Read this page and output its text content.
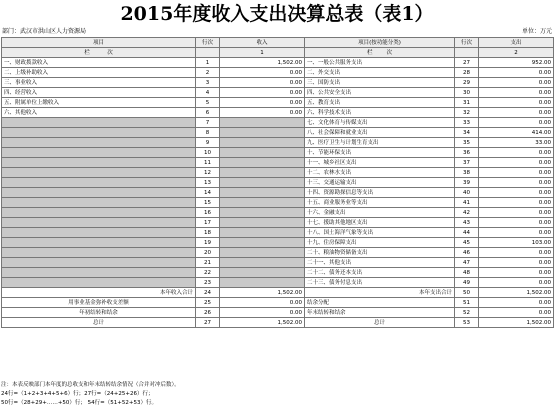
2015年度收入支出决算总表（表1）
部门：武汉市洪山区人力资源局	单位：万元
项目	行次	收入	项目(按功能分类)	行次	支出
栏 次		1	栏 次		2
一、财政拨款收入	1	1,502.00	一、一般公共服务支出	27	952.00
二、上级补助收入	2	0.00	二、外交支出	28	0.00
三、事业收入	3	0.00	三、国防支出	29	0.00
四、经营收入	4	0.00	四、公共安全支出	30	0.00
五、附属单位上缴收入	5	0.00	五、教育支出	31	0.00
六、其他收入	6	0.00	六、科学技术支出	32	0.00
	7		七、文化体育与传媒支出	33	0.00
	8		八、社会保障和就业支出	34	414.00
	9		九、医疗卫生与计划生育支出	35	33.00
	10		十、节能环保支出	36	0.00
	11		十一、城乡社区支出	37	0.00
	12		十二、农林水支出	38	0.00
	13		十三、交通运输支出	39	0.00
	14		十四、资源勘探信息等支出	40	0.00
	15		十五、商业服务业等支出	41	0.00
	16		十六、金融支出	42	0.00
	17		十七、援助其他地区支出	43	0.00
	18		十八、国土海洋气象等支出	44	0.00
	19		十九、住房保障支出	45	103.00
	20		二十、粮油物资储备支出	46	0.00
	21		二十一、其他支出	47	0.00
	22		二十二、债务还本支出	48	0.00
	23		二十三、债务付息支出	49	0.00
本年收入合计	24	1,502.00	本年支出合计	50	1,502.00
用事业基金弥补收支差额	25	0.00	结余分配	51	0.00
年初结转和结余	26	0.00	年末结转和结余	52	0.00
总计	27	1,502.00	总计	53	1,502.00
注：本表反映部门本年度的总收支和年末结转结余情况（合并对冲后数）。
24行=（1+2+3+4+5+6）行；27行=（24+25+26）行；
50行=（28+29+……+50）行； 54行=（51+52+53）行。
